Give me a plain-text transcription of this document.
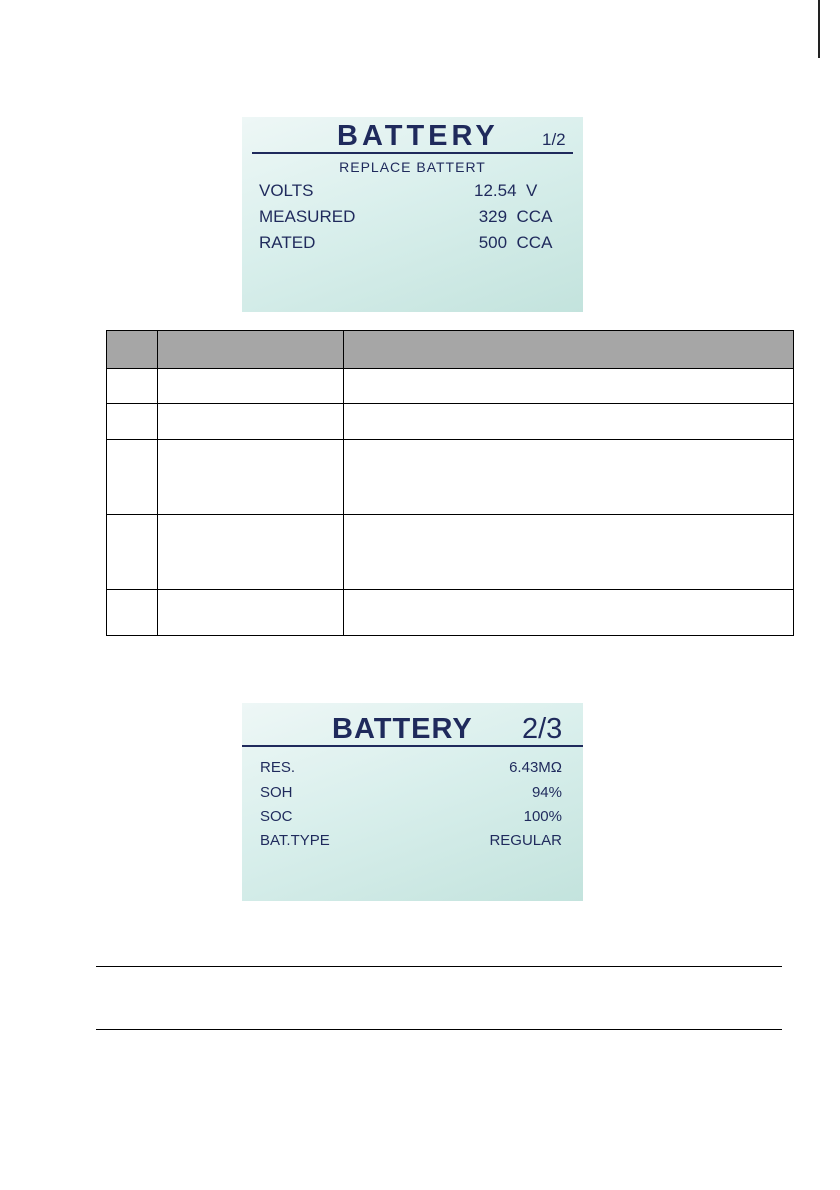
BATTERY	1/2
REPLACE BATTERT
VOLTS	12.54  V
MEASURED	329  CCA
RATED	500  CCA

BATTERY 2/3
RES.	6.43MΩ
SOH	94%
SOC	100%
BAT.TYPE	REGULAR
